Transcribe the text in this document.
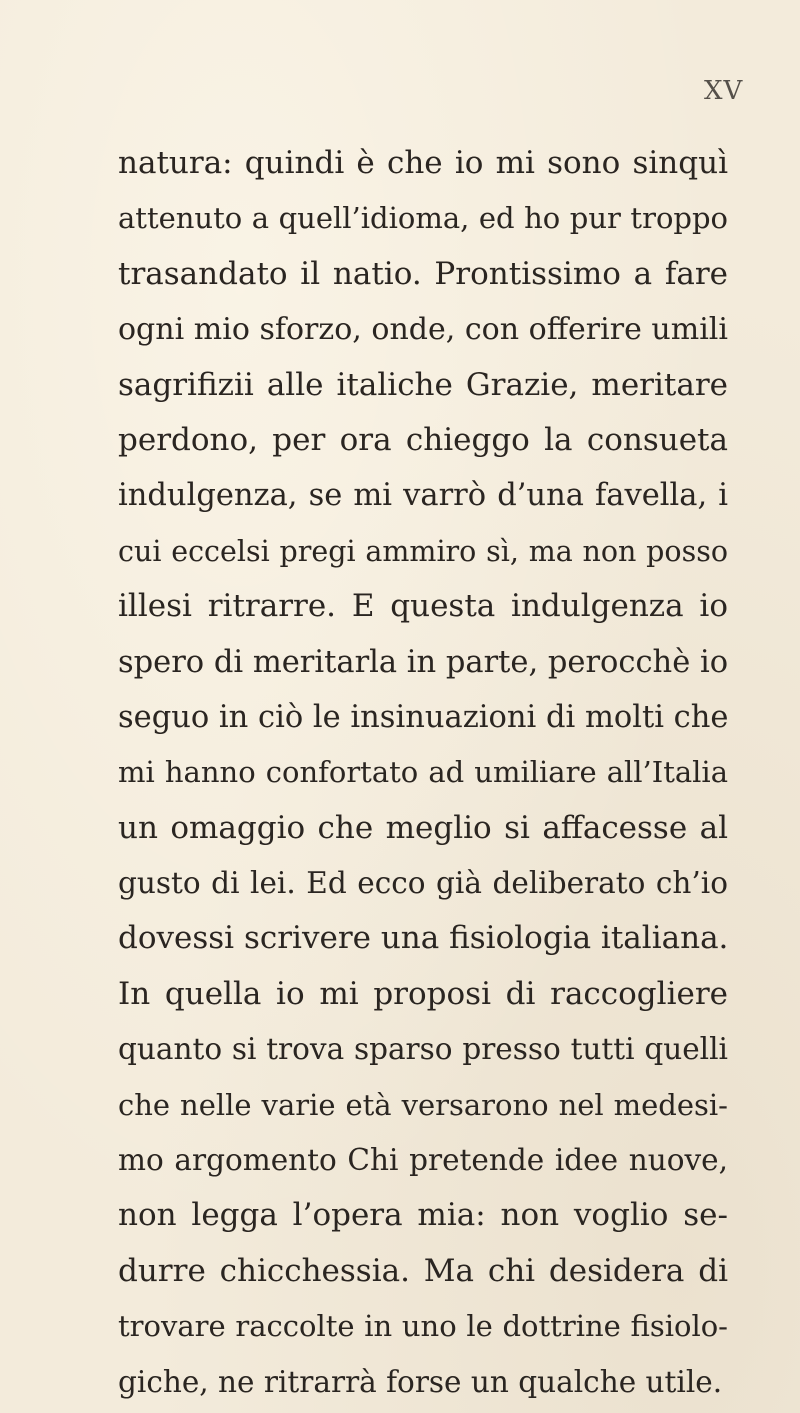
XV
natura: quindi è che io mi sono sinquì
attenuto a quell’idioma, ed ho pur troppo
trasandato il natio. Prontissimo a fare
ogni mio sforzo, onde, con offerire umili
sagrifizii alle italiche Grazie, meritare
perdono, per ora chieggo la consueta
indulgenza, se mi varrò d’una favella, i
cui eccelsi pregi ammiro sì, ma non posso
illesi ritrarre. E questa indulgenza io
spero di meritarla in parte, perocchè io
seguo in ciò le insinuazioni di molti che
mi hanno confortato ad umiliare all’Italia
un omaggio che meglio si affacesse al
gusto di lei. Ed ecco già deliberato ch’io
dovessi scrivere una fisiologia italiana.
In quella io mi proposi di raccogliere
quanto si trova sparso presso tutti quelli
che nelle varie età versarono nel medesi-
mo argomento Chi pretende idee nuove,
non legga l’opera mia: non voglio se-
durre chicchessia. Ma chi desidera di
trovare raccolte in uno le dottrine fisiolo-
giche, ne ritrarrà forse un qualche utile.
